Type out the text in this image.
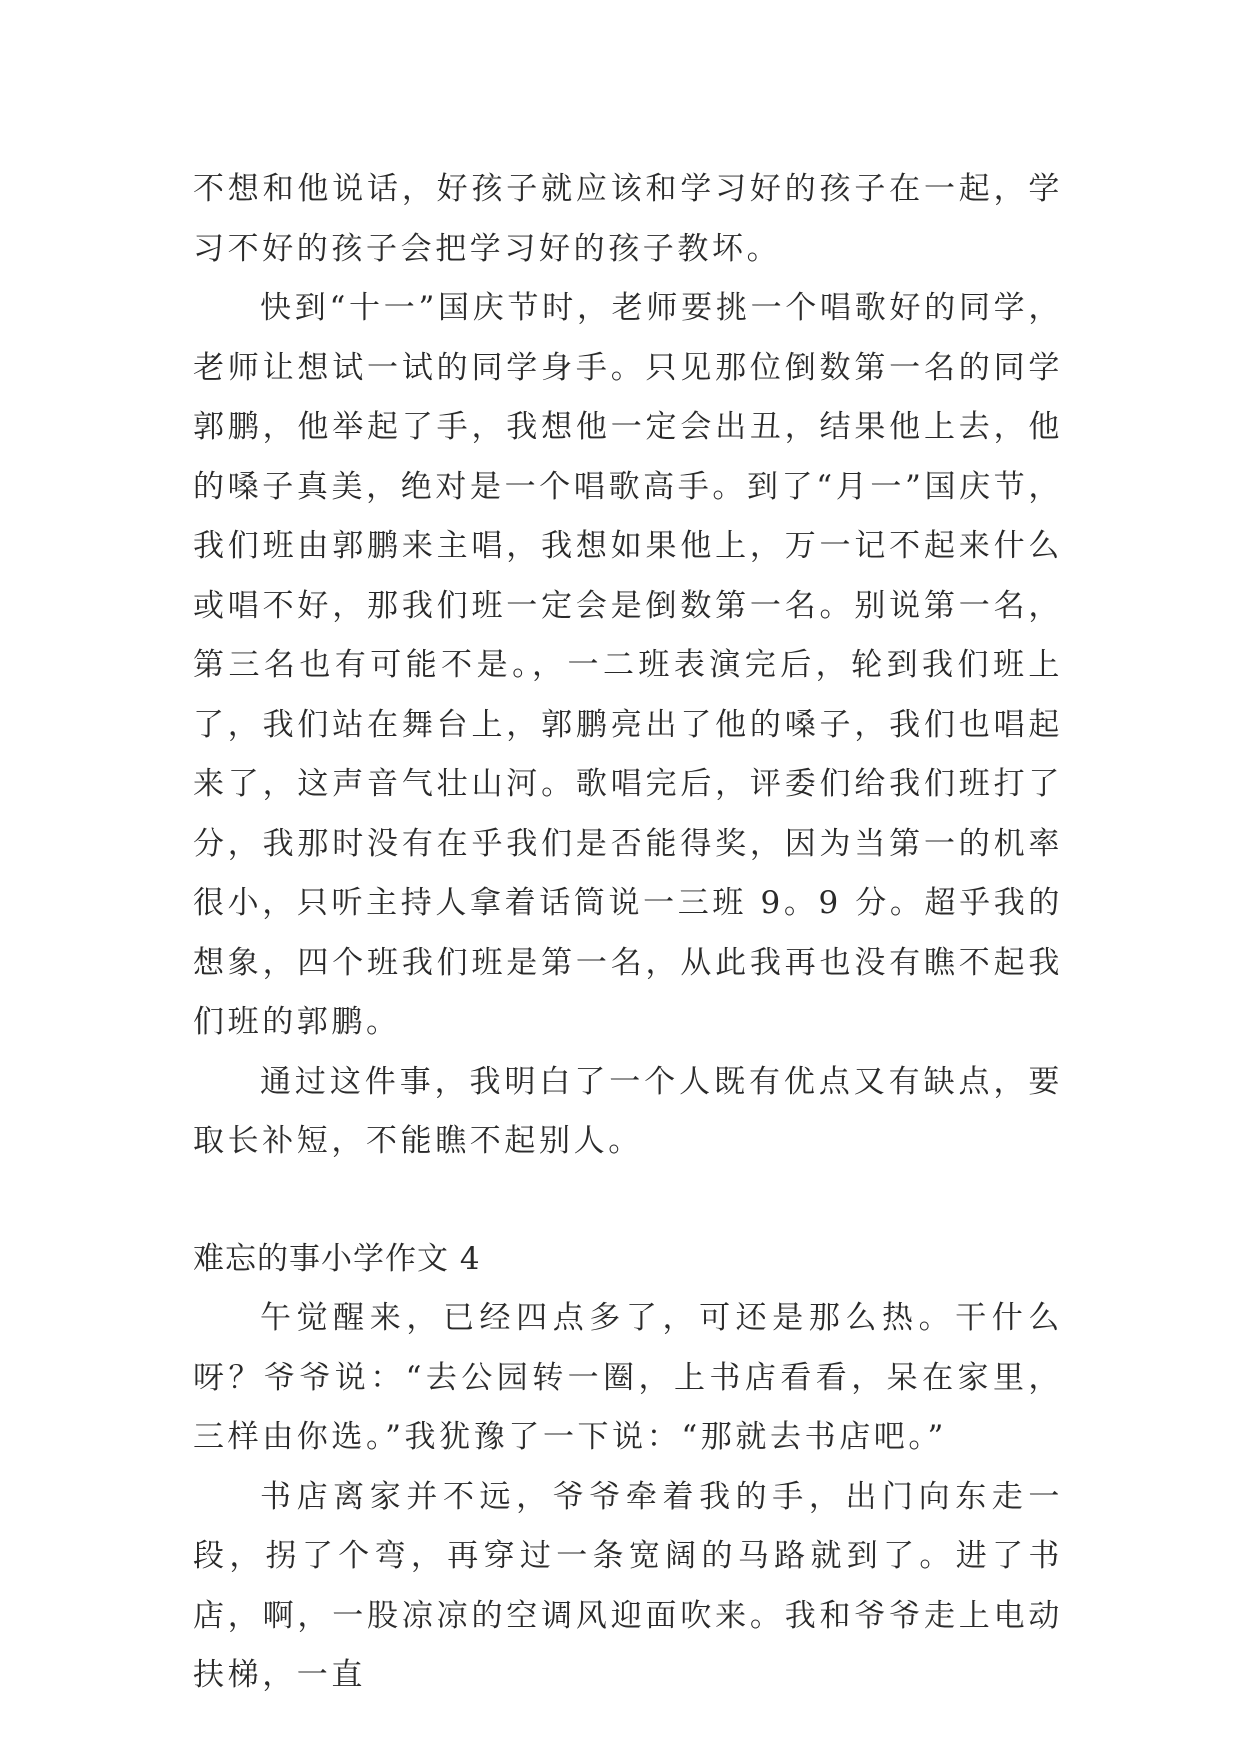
不想和他说话，好孩子就应该和学习好的孩子在一起，学习不好的孩子会把学习好的孩子教坏。

快到“十一”国庆节时，老师要挑一个唱歌好的同学，老师让想试一试的同学身手。只见那位倒数第一名的同学郭鹏，他举起了手，我想他一定会出丑，结果他上去，他的嗓子真美，绝对是一个唱歌高手。到了“月一”国庆节，我们班由郭鹏来主唱，我想如果他上，万一记不起来什么或唱不好，那我们班一定会是倒数第一名。别说第一名，第三名也有可能不是。，一二班表演完后，轮到我们班上了，我们站在舞台上，郭鹏亮出了他的嗓子，我们也唱起来了，这声音气壮山河。歌唱完后，评委们给我们班打了分，我那时没有在乎我们是否能得奖，因为当第一的机率很小，只听主持人拿着话筒说一三班 9。9 分。超乎我的想象，四个班我们班是第一名，从此我再也没有瞧不起我们班的郭鹏。

通过这件事，我明白了一个人既有优点又有缺点，要取长补短，不能瞧不起别人。

难忘的事小学作文 4

午觉醒来，已经四点多了，可还是那么热。干什么呀？爷爷说：“去公园转一圈，上书店看看，呆在家里，三样由你选。”我犹豫了一下说：“那就去书店吧。”

书店离家并不远，爷爷牵着我的手，出门向东走一段，拐了个弯，再穿过一条宽阔的马路就到了。进了书店，啊，一股凉凉的空调风迎面吹来。我和爷爷走上电动扶梯，一直
